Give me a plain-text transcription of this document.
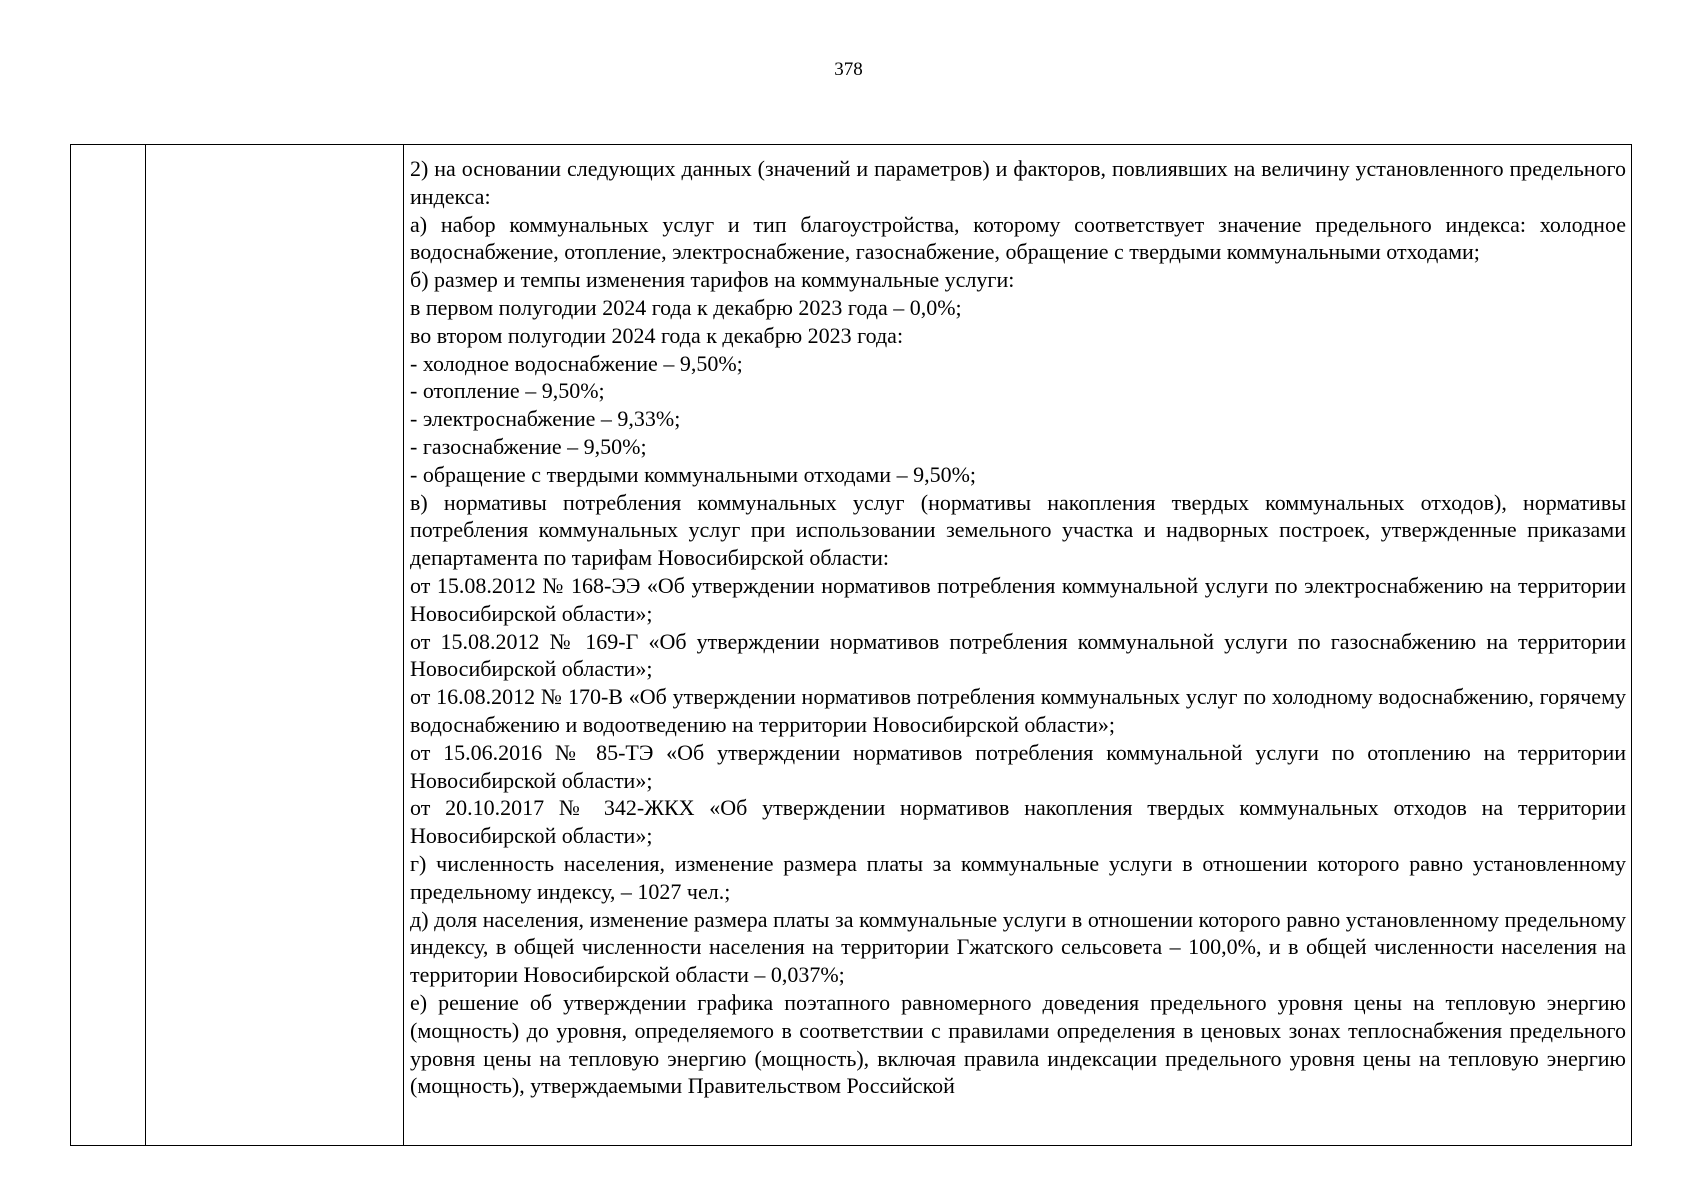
378

2) на основании следующих данных (значений и параметров) и факторов, повлиявших на величину установленного предельного индекса:

а) набор коммунальных услуг и тип благоустройства, которому соответствует значение предельного индекса: холодное водоснабжение, отопление, электроснабжение, газоснабжение, обращение с твердыми коммунальными отходами;

б) размер и темпы изменения тарифов на коммунальные услуги:

в первом полугодии 2024 года к декабрю 2023 года – 0,0%;

во втором полугодии 2024 года к декабрю 2023 года:

- холодное водоснабжение – 9,50%;

- отопление – 9,50%;

- электроснабжение – 9,33%;

- газоснабжение – 9,50%;

- обращение с твердыми коммунальными отходами – 9,50%;

в) нормативы потребления коммунальных услуг (нормативы накопления твердых коммунальных отходов), нормативы потребления коммунальных услуг при использовании земельного участка и надворных построек, утвержденные приказами департамента по тарифам Новосибирской области:

от 15.08.2012 № 168-ЭЭ «Об утверждении нормативов потребления коммунальной услуги по электроснабжению на территории Новосибирской области»;

от 15.08.2012 № 169-Г «Об утверждении нормативов потребления коммунальной услуги по газоснабжению на территории Новосибирской области»;

от 16.08.2012 № 170-В «Об утверждении нормативов потребления коммунальных услуг по холодному водоснабжению, горячему водоснабжению и водоотведению на территории Новосибирской области»;

от 15.06.2016 № 85-ТЭ «Об утверждении нормативов потребления коммунальной услуги по отоплению на территории Новосибирской области»;

от 20.10.2017 № 342-ЖКХ «Об утверждении нормативов накопления твердых коммунальных отходов на территории Новосибирской области»;

г) численность населения, изменение размера платы за коммунальные услуги в отношении которого равно установленному предельному индексу, – 1027 чел.;

д) доля населения, изменение размера платы за коммунальные услуги в отношении которого равно установленному предельному индексу, в общей численности населения на территории Гжатского сельсовета – 100,0%, и в общей численности населения на территории Новосибирской области – 0,037%;

е) решение об утверждении графика поэтапного равномерного доведения предельного уровня цены на тепловую энергию (мощность) до уровня, определяемого в соответствии с правилами определения в ценовых зонах теплоснабжения предельного уровня цены на тепловую энергию (мощность), включая правила индексации предельного уровня цены на тепловую энергию (мощность), утверждаемыми Правительством Российской
